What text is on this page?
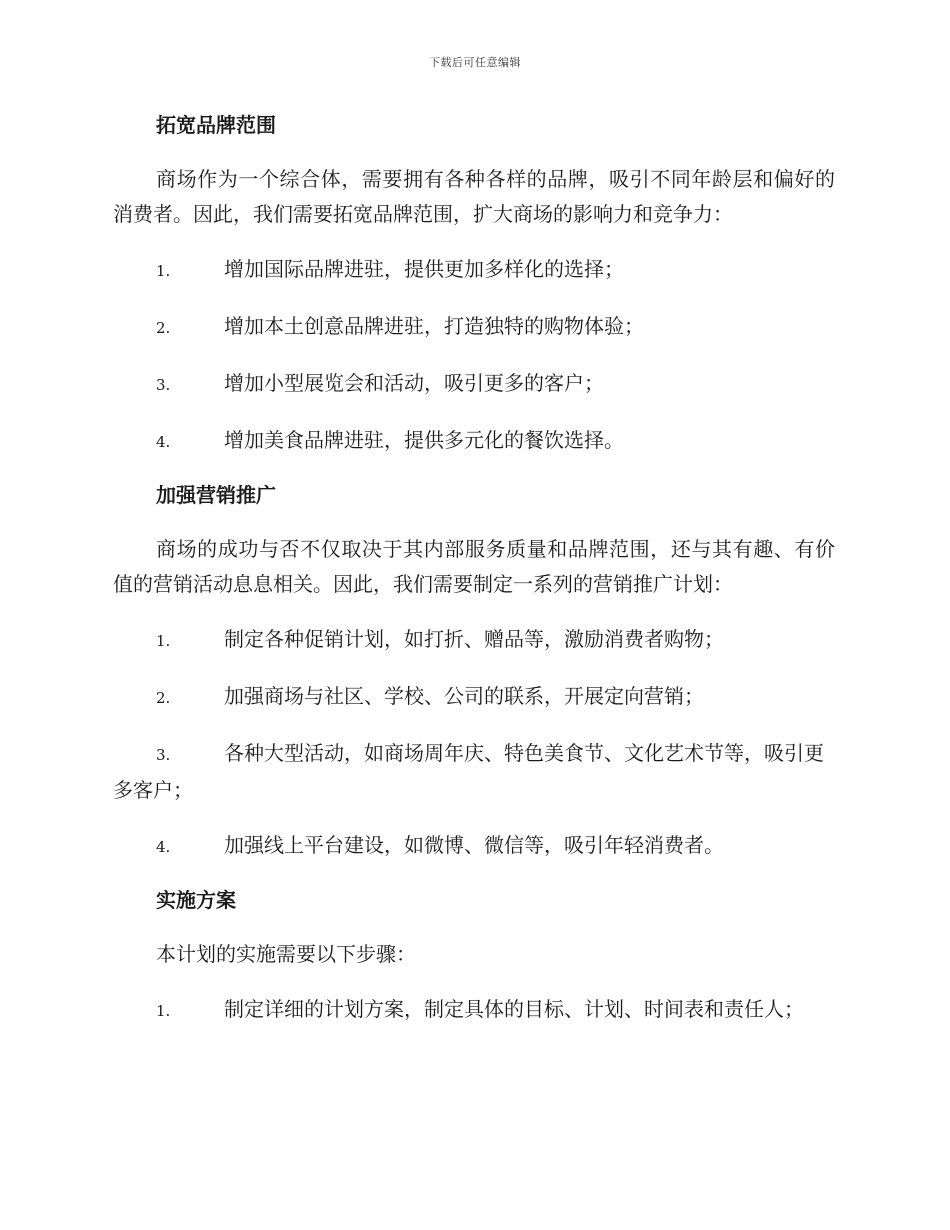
下载后可任意编辑
拓宽品牌范围

商场作为一个综合体，需要拥有各种各样的品牌，吸引不同年龄层和偏好的消费者。因此，我们需要拓宽品牌范围，扩大商场的影响力和竞争力：

1.	增加国际品牌进驻，提供更加多样化的选择；

2.	增加本土创意品牌进驻，打造独特的购物体验；

3.	增加小型展览会和活动，吸引更多的客户；

4.	增加美食品牌进驻，提供多元化的餐饮选择。

加强营销推广

商场的成功与否不仅取决于其内部服务质量和品牌范围，还与其有趣、有价值的营销活动息息相关。因此，我们需要制定一系列的营销推广计划：

1.	制定各种促销计划，如打折、赠品等，激励消费者购物；

2.	加强商场与社区、学校、公司的联系，开展定向营销；

3.	各种大型活动，如商场周年庆、特色美食节、文化艺术节等，吸引更多客户；

4.	加强线上平台建设，如微博、微信等，吸引年轻消费者。

实施方案

本计划的实施需要以下步骤：

1.	制定详细的计划方案，制定具体的目标、计划、时间表和责任人；
